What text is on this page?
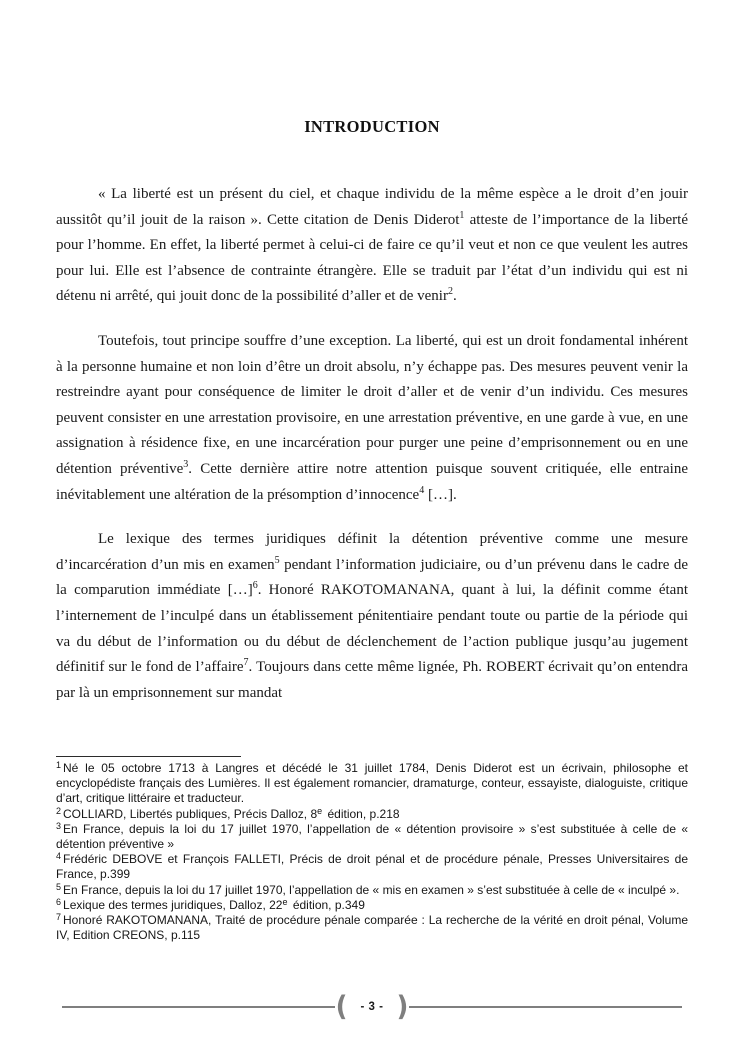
INTRODUCTION

« La liberté est un présent du ciel, et chaque individu de la même espèce a le droit d’en jouir aussitôt qu’il jouit de la raison ». Cette citation de Denis Diderot$^1$ atteste de l’importance de la liberté pour l’homme. En effet, la liberté permet à celui-ci de faire ce qu’il veut et non ce que veulent les autres pour lui. Elle est l’absence de contrainte étrangère. Elle se traduit par l’état d’un individu qui est ni détenu ni arrêté, qui jouit donc de la possibilité d’aller et de venir$^2$.

Toutefois, tout principe souffre d’une exception. La liberté, qui est un droit fondamental inhérent à la personne humaine et non loin d’être un droit absolu, n’y échappe pas. Des mesures peuvent venir la restreindre ayant pour conséquence de limiter le droit d’aller et de venir d’un individu. Ces mesures peuvent consister en une arrestation provisoire, en une arrestation préventive, en une garde à vue, en une assignation à résidence fixe, en une incarcération pour purger une peine d’emprisonnement ou en une détention préventive$^3$. Cette dernière attire notre attention puisque souvent critiquée, elle entraine inévitablement une altération de la présomption d’innocence$^4$ […].

Le lexique des termes juridiques définit la détention préventive comme une mesure d’incarcération d’un mis en examen$^5$ pendant l’information judiciaire, ou d’un prévenu dans le cadre de la comparution immédiate […]$^6$. Honoré RAKOTOMANANA, quant à lui, la définit comme étant l’internement de l’inculpé dans un établissement pénitentiaire pendant toute ou partie de la période qui va du début de l’information ou du début de déclenchement de l’action publique jusqu’au jugement définitif sur le fond de l’affaire$^7$. Toujours dans cette même lignée, Ph. ROBERT écrivait qu’on entendra par là un emprisonnement sur mandat

$^1$ Né le 05 octobre 1713 à Langres et décédé le 31 juillet 1784, Denis Diderot est un écrivain, philosophe et encyclopédiste français des Lumières. Il est également romancier, dramaturge, conteur, essayiste, dialoguiste, critique d’art, critique littéraire et traducteur.
$^2$ COLLIARD, Libertés publiques, Précis Dalloz, 8e édition, p.218
$^3$ En France, depuis la loi du 17 juillet 1970, l’appellation de « détention provisoire » s’est substituée à celle de « détention préventive »
$^4$ Frédéric DEBOVE et François FALLETI, Précis de droit pénal et de procédure pénale, Presses Universitaires de France, p.399
$^5$ En France, depuis la loi du 17 juillet 1970, l’appellation de « mis en examen » s’est substituée à celle de « inculpé ».
$^6$ Lexique des termes juridiques, Dalloz, 22e édition, p.349
$^7$ Honoré RAKOTOMANANA, Traité de procédure pénale comparée : La recherche de la vérité en droit pénal, Volume IV, Edition CREONS, p.115
(	- 3 - )
